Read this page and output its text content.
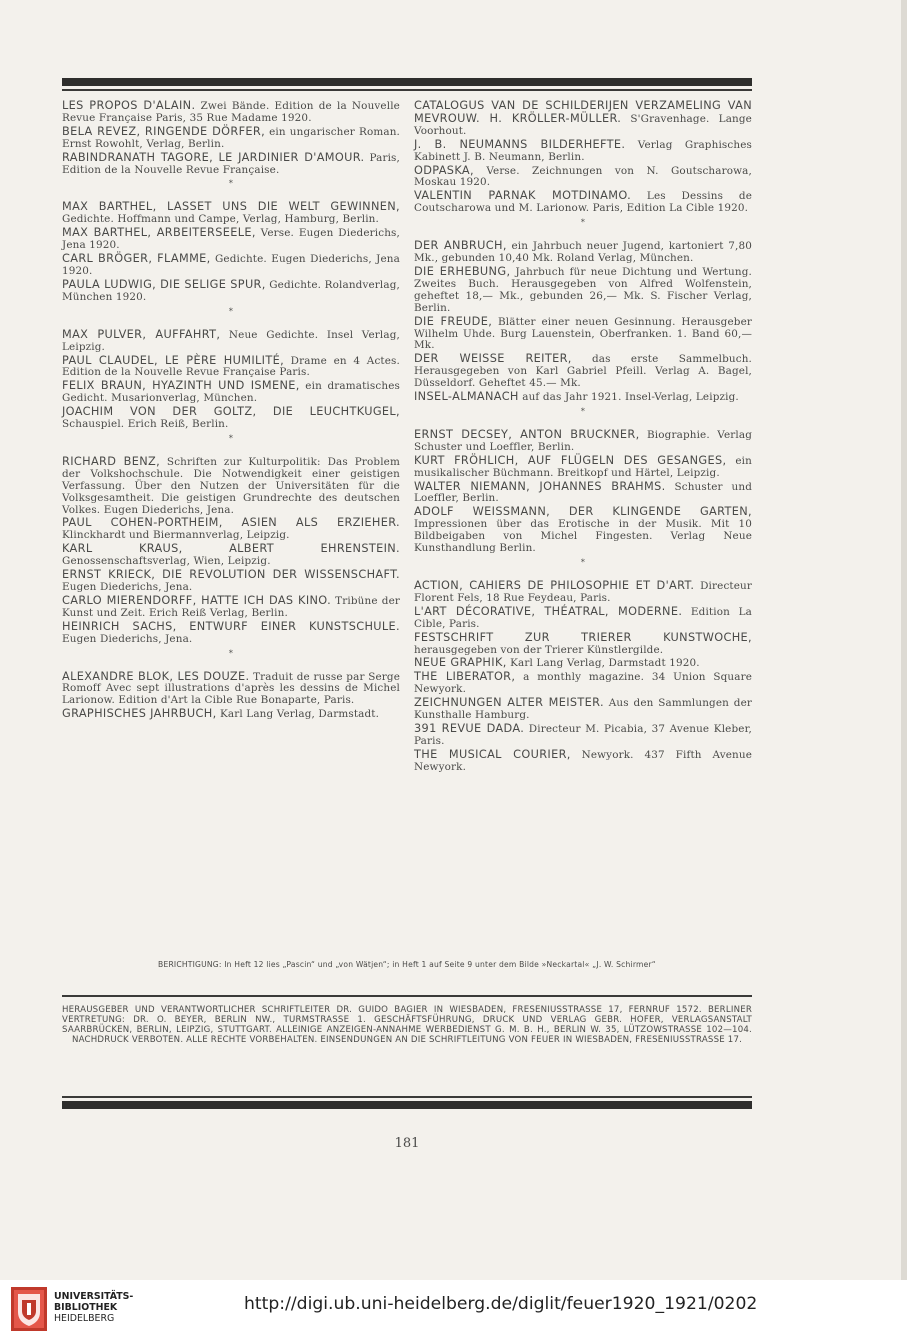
LES PROPOS D'ALAIN. Zwei Bände. Edition de la Nouvelle Revue Française Paris, 35 Rue Madame 1920.
BELA REVEZ, RINGENDE DÖRFER, ein ungarischer Roman. Ernst Rowohlt, Verlag, Berlin.
RABINDRANATH TAGORE, LE JARDINIER D'AMOUR. Paris, Edition de la Nouvelle Revue Française.
*
MAX BARTHEL, LASSET UNS DIE WELT GEWINNEN, Gedichte. Hoffmann und Campe, Verlag, Hamburg, Berlin.
MAX BARTHEL, ARBEITERSEELE, Verse. Eugen Diederichs, Jena 1920.
CARL BRÖGER, FLAMME, Gedichte. Eugen Diederichs, Jena 1920.
PAULA LUDWIG, DIE SELIGE SPUR, Gedichte. Rolandverlag, München 1920.
*
MAX PULVER, AUFFAHRT, Neue Gedichte. Insel Verlag, Leipzig.
PAUL CLAUDEL, LE PÈRE HUMILITÉ, Drame en 4 Actes. Edition de la Nouvelle Revue Française Paris.
FELIX BRAUN, HYAZINTH UND ISMENE, ein dramatisches Gedicht. Musarionverlag, München.
JOACHIM VON DER GOLTZ, DIE LEUCHTKUGEL, Schauspiel. Erich Reiß, Berlin.
*
RICHARD BENZ, Schriften zur Kulturpolitik: Das Problem der Volkshochschule. Die Notwendigkeit einer geistigen Verfassung. Über den Nutzen der Universitäten für die Volksgesamtheit. Die geistigen Grundrechte des deutschen Volkes. Eugen Diederichs, Jena.
PAUL COHEN-PORTHEIM, ASIEN ALS ERZIEHER. Klinckhardt und Biermannverlag, Leipzig.
KARL KRAUS, ALBERT EHRENSTEIN. Genossenschaftsverlag, Wien, Leipzig.
ERNST KRIECK, DIE REVOLUTION DER WISSENSCHAFT. Eugen Diederichs, Jena.
CARLO MIERENDORFF, HATTE ICH DAS KINO. Tribüne der Kunst und Zeit. Erich Reiß Verlag, Berlin.
HEINRICH SACHS, ENTWURF EINER KUNSTSCHULE. Eugen Diederichs, Jena.
*
ALEXANDRE BLOK, LES DOUZE. Traduit de russe par Serge Romoff Avec sept illustrations d'après les dessins de Michel Larionow. Edition d'Art la Cible Rue Bonaparte, Paris.
GRAPHISCHES JAHRBUCH, Karl Lang Verlag, Darmstadt.
CATALOGUS VAN DE SCHILDERIJEN VERZAMELING VAN MEVROUW. H. KRÖLLER-MÜLLER. S'Gravenhage. Lange Voorhout.
J. B. NEUMANNS BILDERHEFTE. Verlag Graphisches Kabinett J. B. Neumann, Berlin.
ODPASKA, Verse. Zeichnungen von N. Goutscharowa, Moskau 1920.
VALENTIN PARNAK MOTDINAMO. Les Dessins de Coutscharowa und M. Larionow. Paris, Edition La Cible 1920.
*
DER ANBRUCH, ein Jahrbuch neuer Jugend, kartoniert 7,80 Mk., gebunden 10,40 Mk. Roland Verlag, München.
DIE ERHEBUNG, Jahrbuch für neue Dichtung und Wertung. Zweites Buch. Herausgegeben von Alfred Wolfenstein, geheftet 18,— Mk., gebunden 26,— Mk. S. Fischer Verlag, Berlin.
DIE FREUDE, Blätter einer neuen Gesinnung. Herausgeber Wilhelm Uhde. Burg Lauenstein, Oberfranken. 1. Band 60,— Mk.
DER WEISSE REITER, das erste Sammelbuch. Herausgegeben von Karl Gabriel Pfeill. Verlag A. Bagel, Düsseldorf. Geheftet 45.— Mk.
INSEL-ALMANACH auf das Jahr 1921. Insel-Verlag, Leipzig.
*
ERNST DECSEY, ANTON BRUCKNER, Biographie. Verlag Schuster und Loeffler, Berlin.
KURT FRÖHLICH, AUF FLÜGELN DES GESANGES, ein musikalischer Büchmann. Breitkopf und Härtel, Leipzig.
WALTER NIEMANN, JOHANNES BRAHMS. Schuster und Loeffler, Berlin.
ADOLF WEISSMANN, DER KLINGENDE GARTEN, Impressionen über das Erotische in der Musik. Mit 10 Bildbeigaben von Michel Fingesten. Verlag Neue Kunsthandlung Berlin.
*
ACTION, CAHIERS DE PHILOSOPHIE ET D'ART. Directeur Florent Fels, 18 Rue Feydeau, Paris.
L'ART DÉCORATIVE, THÉATRAL, MODERNE. Edition La Cible, Paris.
FESTSCHRIFT ZUR TRIERER KUNSTWOCHE, herausgegeben von der Trierer Künstlergilde.
NEUE GRAPHIK, Karl Lang Verlag, Darmstadt 1920.
THE LIBERATOR, a monthly magazine. 34 Union Square Newyork.
ZEICHNUNGEN ALTER MEISTER. Aus den Sammlungen der Kunsthalle Hamburg.
391 REVUE DADA. Directeur M. Picabia, 37 Avenue Kleber, Paris.
THE MUSICAL COURIER, Newyork. 437 Fifth Avenue Newyork.
BERICHTIGUNG: In Heft 12 lies „Pascin“ und „von Wätjen“; in Heft 1 auf Seite 9 unter dem Bilde »Neckartal« „J. W. Schirmer“
HERAUSGEBER UND VERANTWORTLICHER SCHRIFTLEITER DR. GUIDO BAGIER IN WIESBADEN, FRESENIUSSTRASSE 17, FERNRUF 1572. BERLINER VERTRETUNG: DR. O. BEYER, BERLIN NW., TURMSTRASSE 1. GESCHÄFTSFÜHRUNG, DRUCK UND VERLAG GEBR. HOFER, VERLAGSANSTALT SAARBRÜCKEN, BERLIN, LEIPZIG, STUTTGART. ALLEINIGE ANZEIGEN-ANNAHME WERBEDIENST G. M. B. H., BERLIN W. 35, LÜTZOWSTRASSE 102—104. NACHDRUCK VERBOTEN. ALLE RECHTE VORBEHALTEN. EINSENDUNGEN AN DIE SCHRIFTLEITUNG VON FEUER IN WIESBADEN, FRESENIUSSTRASSE 17.
181
UNIVERSITÄTS-
BIBLIOTHEK
HEIDELBERG
http://digi.ub.uni-heidelberg.de/diglit/feuer1920_1921/0202
